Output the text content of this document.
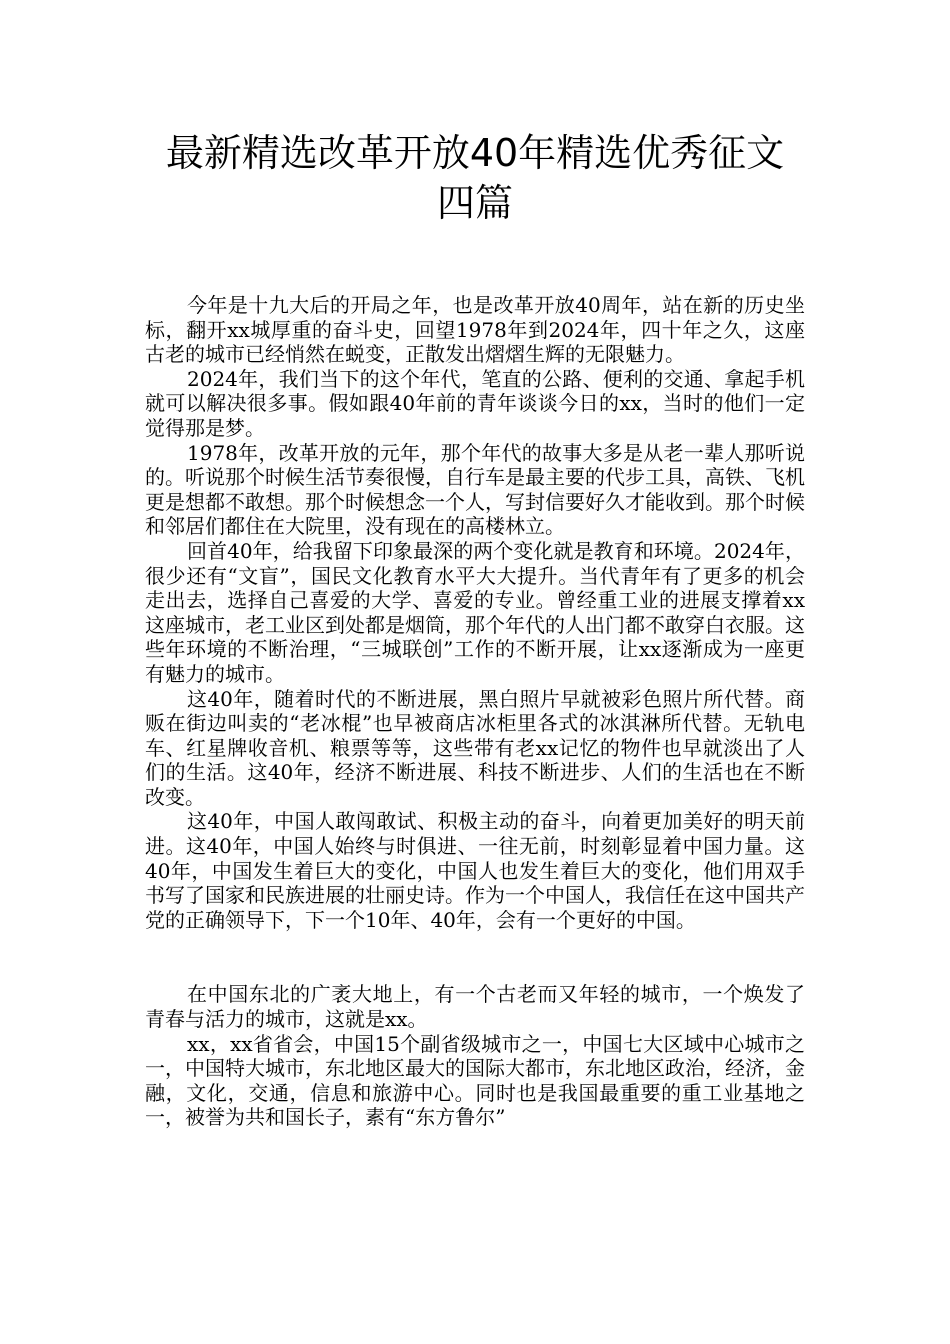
最新精选改革开放40年精选优秀征文
四篇

今年是十九大后的开局之年，也是改革开放40周年，站在新的历史坐标，翻开xx城厚重的奋斗史，回望1978年到2024年，四十年之久，这座古老的城市已经悄然在蜕变，正散发出熠熠生辉的无限魅力。

2024年，我们当下的这个年代，笔直的公路、便利的交通、拿起手机就可以解决很多事。假如跟40年前的青年谈谈今日的xx，当时的他们一定觉得那是梦。

1978年，改革开放的元年，那个年代的故事大多是从老一辈人那听说的。听说那个时候生活节奏很慢，自行车是最主要的代步工具，高铁、飞机更是想都不敢想。那个时候想念一个人，写封信要好久才能收到。那个时候和邻居们都住在大院里，没有现在的高楼林立。

回首40年，给我留下印象最深的两个变化就是教育和环境。2024年，很少还有“文盲”，国民文化教育水平大大提升。当代青年有了更多的机会走出去，选择自己喜爱的大学、喜爱的专业。曾经重工业的进展支撑着xx这座城市，老工业区到处都是烟筒，那个年代的人出门都不敢穿白衣服。这些年环境的不断治理，“三城联创”工作的不断开展，让xx逐渐成为一座更有魅力的城市。

这40年，随着时代的不断进展，黑白照片早就被彩色照片所代替。商贩在街边叫卖的“老冰棍”也早被商店冰柜里各式的冰淇淋所代替。无轨电车、红星牌收音机、粮票等等，这些带有老xx记忆的物件也早就淡出了人们的生活。这40年，经济不断进展、科技不断进步、人们的生活也在不断改变。

这40年，中国人敢闯敢试、积极主动的奋斗，向着更加美好的明天前进。这40年，中国人始终与时俱进、一往无前，时刻彰显着中国力量。这40年，中国发生着巨大的变化，中国人也发生着巨大的变化，他们用双手书写了国家和民族进展的壮丽史诗。作为一个中国人，我信任在这中国共产党的正确领导下，下一个10年、40年，会有一个更好的中国。

在中国东北的广袤大地上，有一个古老而又年轻的城市，一个焕发了青春与活力的城市，这就是xx。

xx，xx省省会，中国15个副省级城市之一，中国七大区域中心城市之一，中国特大城市，东北地区最大的国际大都市，东北地区政治，经济，金融，文化，交通，信息和旅游中心。同时也是我国最重要的重工业基地之一，被誉为共和国长子，素有“东方鲁尔”
